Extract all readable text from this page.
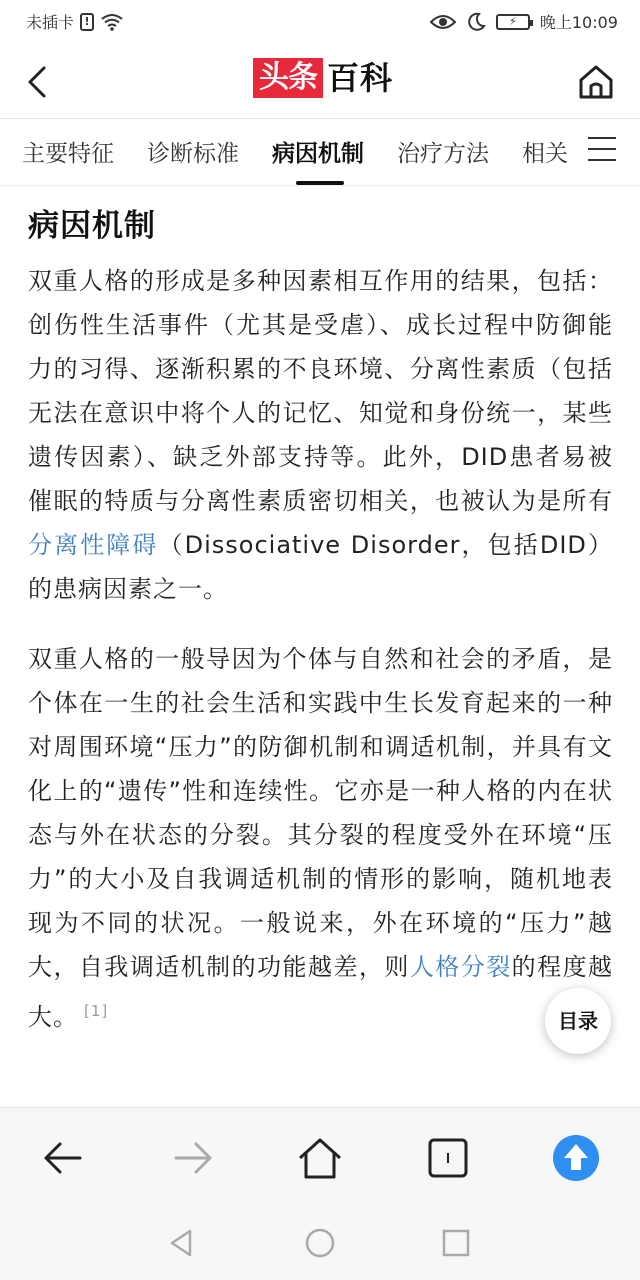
未插卡 !	⚡	晚上10:09
头条 百科
主要特征 诊断标准 病因机制 治疗方法 相关
病因机制

双重人格的形成是多种因素相互作用的结果，包括：创伤性生活事件（尤其是受虐）、成长过程中防御能力的习得、逐渐积累的不良环境、分离性素质（包括无法在意识中将个人的记忆、知觉和身份统一，某些遗传因素）、缺乏外部支持等。此外，DID患者易被催眠的特质与分离性素质密切相关，也被认为是所有分离性障碍（Dissociative Disorder，包括DID）的患病因素之一。

双重人格的一般导因为个体与自然和社会的矛盾，是个体在一生的社会生活和实践中生长发育起来的一种对周围环境“压力”的防御机制和调适机制，并具有文化上的“遗传”性和连续性。它亦是一种人格的内在状态与外在状态的分裂。其分裂的程度受外在环境“压力”的大小及自我调适机制的情形的影响，随机地表现为不同的状况。一般说来，外在环境的“压力”越大，自我调适机制的功能越差，则人格分裂的程度越大。 [1]	目录
